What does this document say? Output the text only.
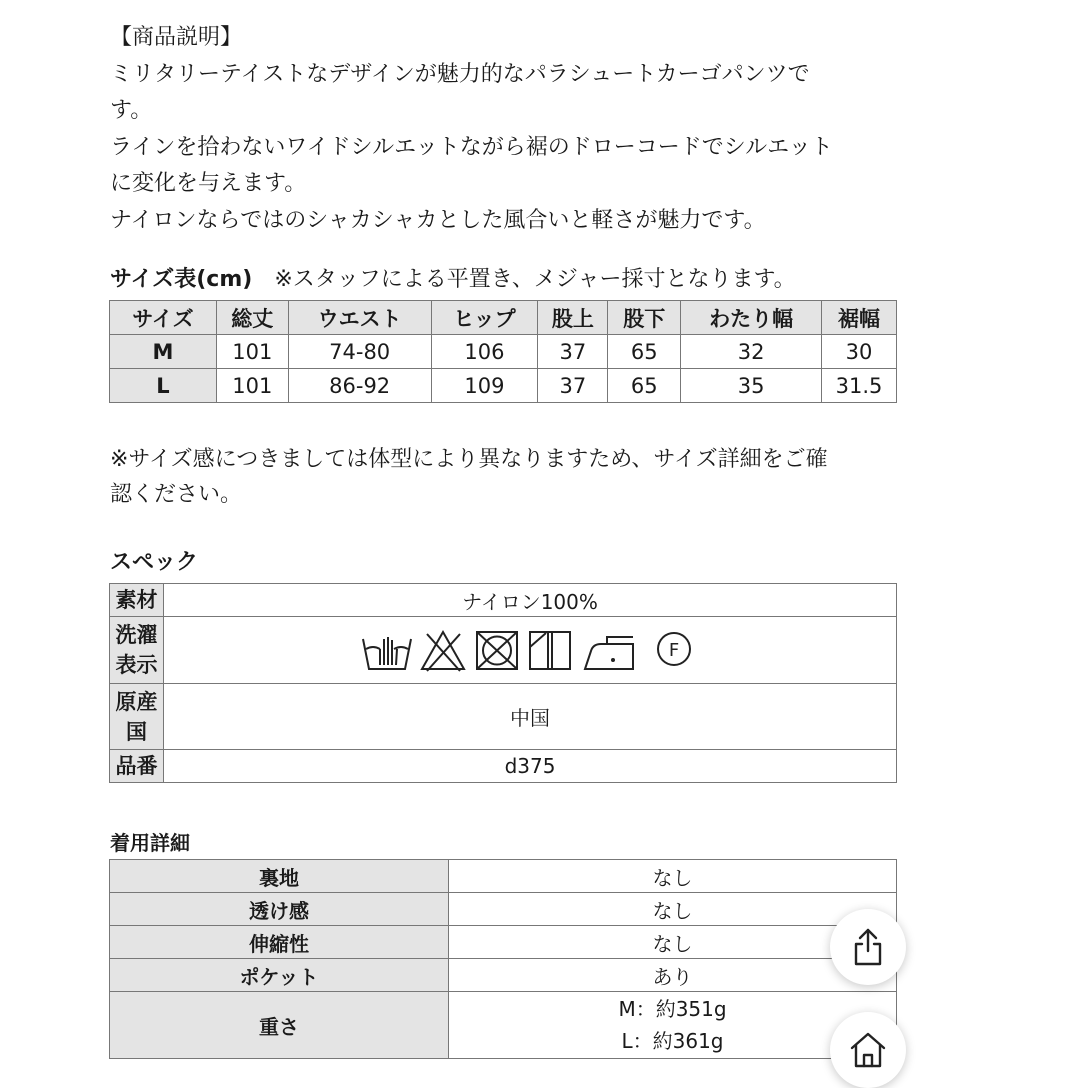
【商品説明】
ミリタリーテイストなデザインが魅力的なパラシュートカーゴパンツで
す。
ラインを拾わないワイドシルエットながら裾のドローコードでシルエット
に変化を与えます。
ナイロンならではのシャカシャカとした風合いと軽さが魅力です。
サイズ表(cm) ※スタッフによる平置き、メジャー採寸となります。
サイズ	総丈	ウエスト	ヒップ	股上	股下	わたり幅	裾幅
M	101	74-80	106	37	65	32	30
L	101	86-92	109	37	65	35	31.5
※サイズ感につきましては体型により異なりますため、サイズ詳細をご確
認ください。
スペック
素材	ナイロン100%

洗濯
表示	F

原産
国	中国
品番	d375
着用詳細
裏地	なし
透け感	なし
伸縮性	なし
ポケット	あり
重さ	M：約351g
L：約361g
